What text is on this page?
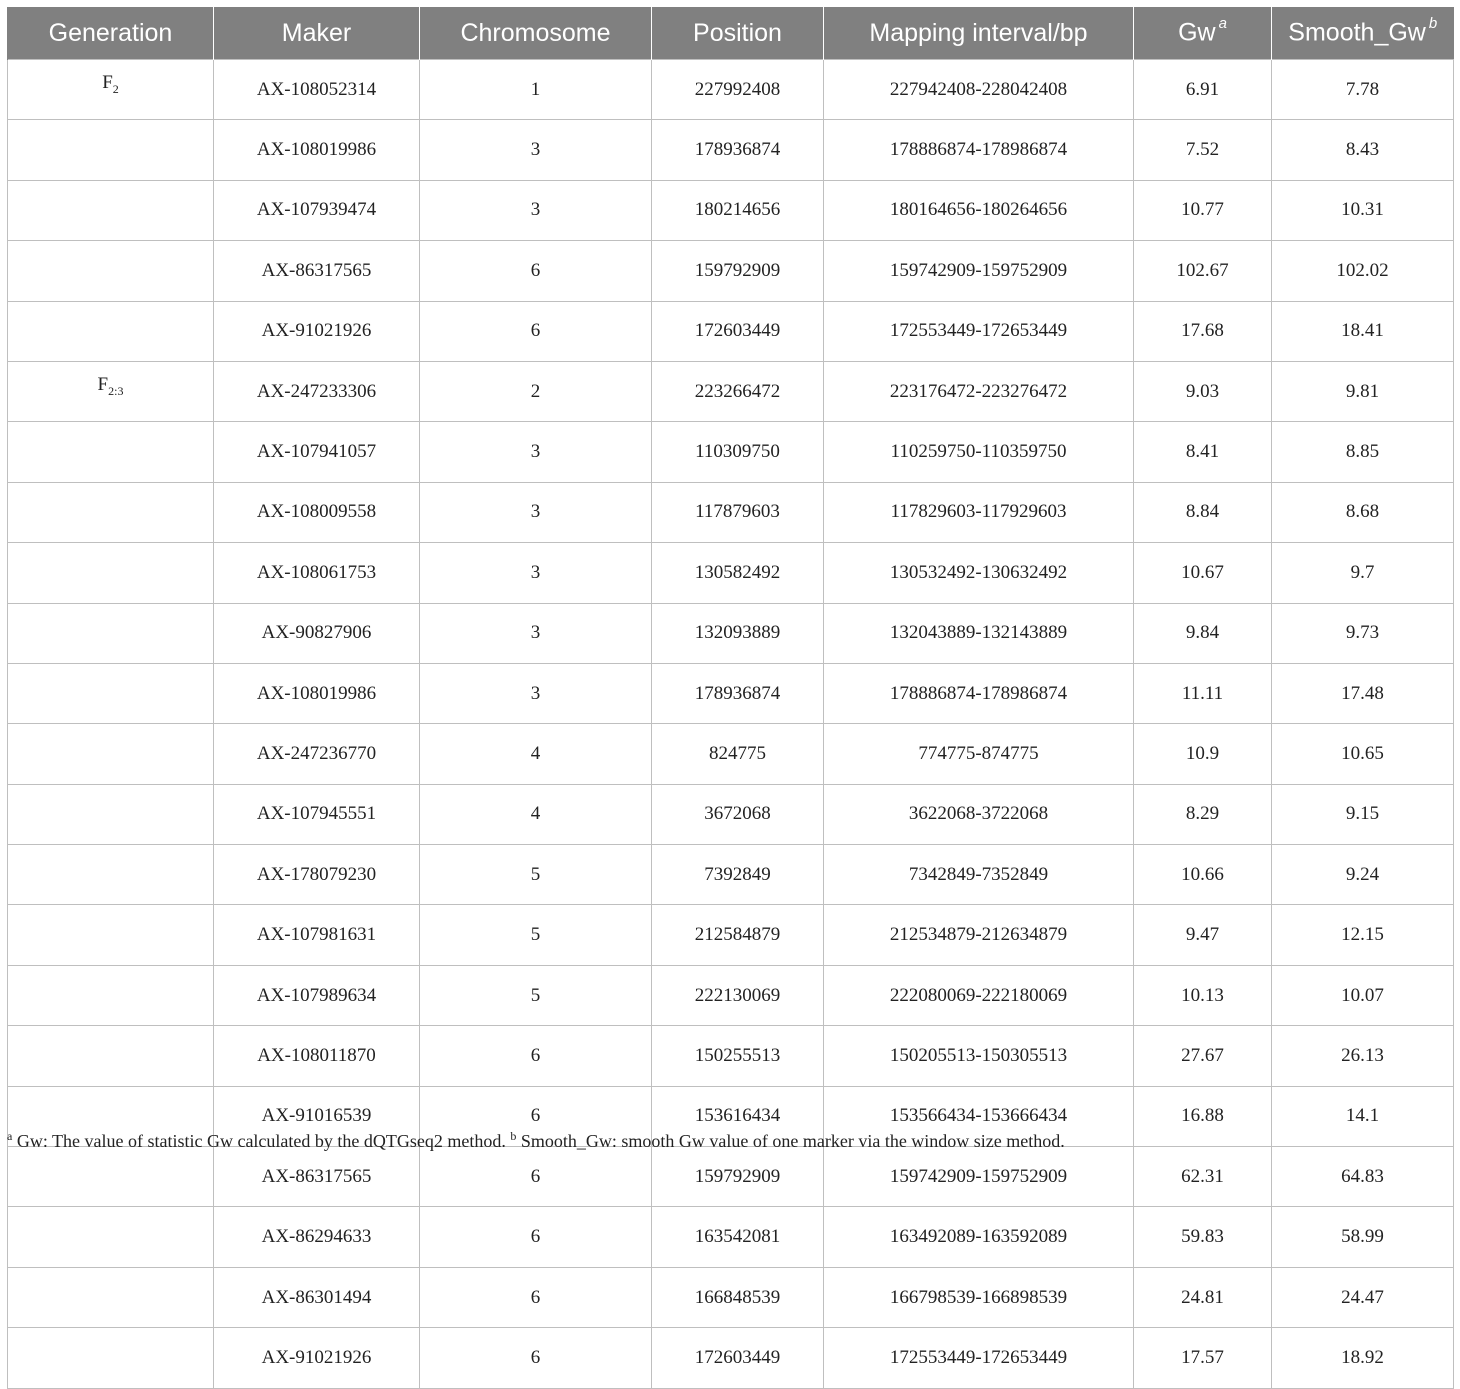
Generation	Maker	Chromosome	Position	Mapping interval/bp	Gw $^a$	Smooth_Gw $^b$
$F_2$	AX-108052314	1	227992408	227942408-228042408	6.91	7.78
	AX-108019986	3	178936874	178886874-178986874	7.52	8.43
	AX-107939474	3	180214656	180164656-180264656	10.77	10.31
	AX-86317565	6	159792909	159742909-159752909	102.67	102.02
	AX-91021926	6	172603449	172553449-172653449	17.68	18.41
$F_{2:3}$	AX-247233306	2	223266472	223176472-223276472	9.03	9.81
	AX-107941057	3	110309750	110259750-110359750	8.41	8.85
	AX-108009558	3	117879603	117829603-117929603	8.84	8.68
	AX-108061753	3	130582492	130532492-130632492	10.67	9.7
	AX-90827906	3	132093889	132043889-132143889	9.84	9.73
	AX-108019986	3	178936874	178886874-178986874	11.11	17.48
	AX-247236770	4	824775	774775-874775	10.9	10.65
	AX-107945551	4	3672068	3622068-3722068	8.29	9.15
	AX-178079230	5	7392849	7342849-7352849	10.66	9.24
	AX-107981631	5	212584879	212534879-212634879	9.47	12.15
	AX-107989634	5	222130069	222080069-222180069	10.13	10.07
	AX-108011870	6	150255513	150205513-150305513	27.67	26.13
	AX-91016539	6	153616434	153566434-153666434	16.88	14.1
	AX-86317565	6	159792909	159742909-159752909	62.31	64.83
	AX-86294633	6	163542081	163492089-163592089	59.83	58.99
	AX-86301494	6	166848539	166798539-166898539	24.81	24.47
	AX-91021926	6	172603449	172553449-172653449	17.57	18.92
$^a$ Gw: The value of statistic Gw calculated by the dQTGseq2 method. $^b$ Smooth_Gw: smooth Gw value of one marker via the window size method.
